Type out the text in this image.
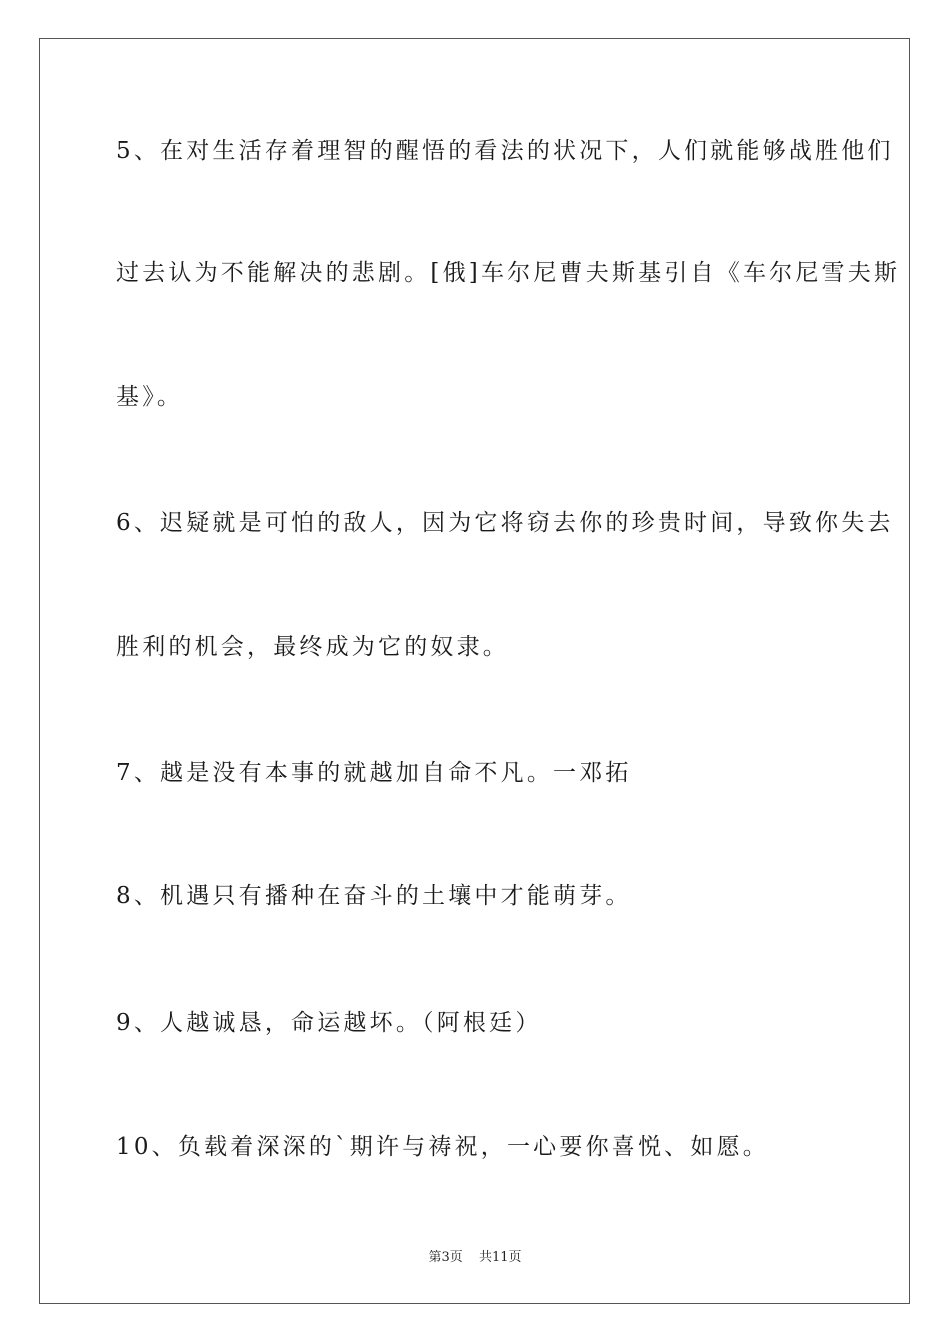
5、在对生活存着理智的醒悟的看法的状况下，人们就能够战胜他们
过去认为不能解决的悲剧。[俄]车尔尼曹夫斯基引自《车尔尼雪夫斯
基》。
6、迟疑就是可怕的敌人，因为它将窃去你的珍贵时间，导致你失去
胜利的机会，最终成为它的奴隶。
7、越是没有本事的就越加自命不凡。一邓拓
8、机遇只有播种在奋斗的土壤中才能萌芽。
9、人越诚恳，命运越坏。（阿根廷）
10、负载着深深的`期许与祷祝，一心要你喜悦、如愿。
第3页 共11页
